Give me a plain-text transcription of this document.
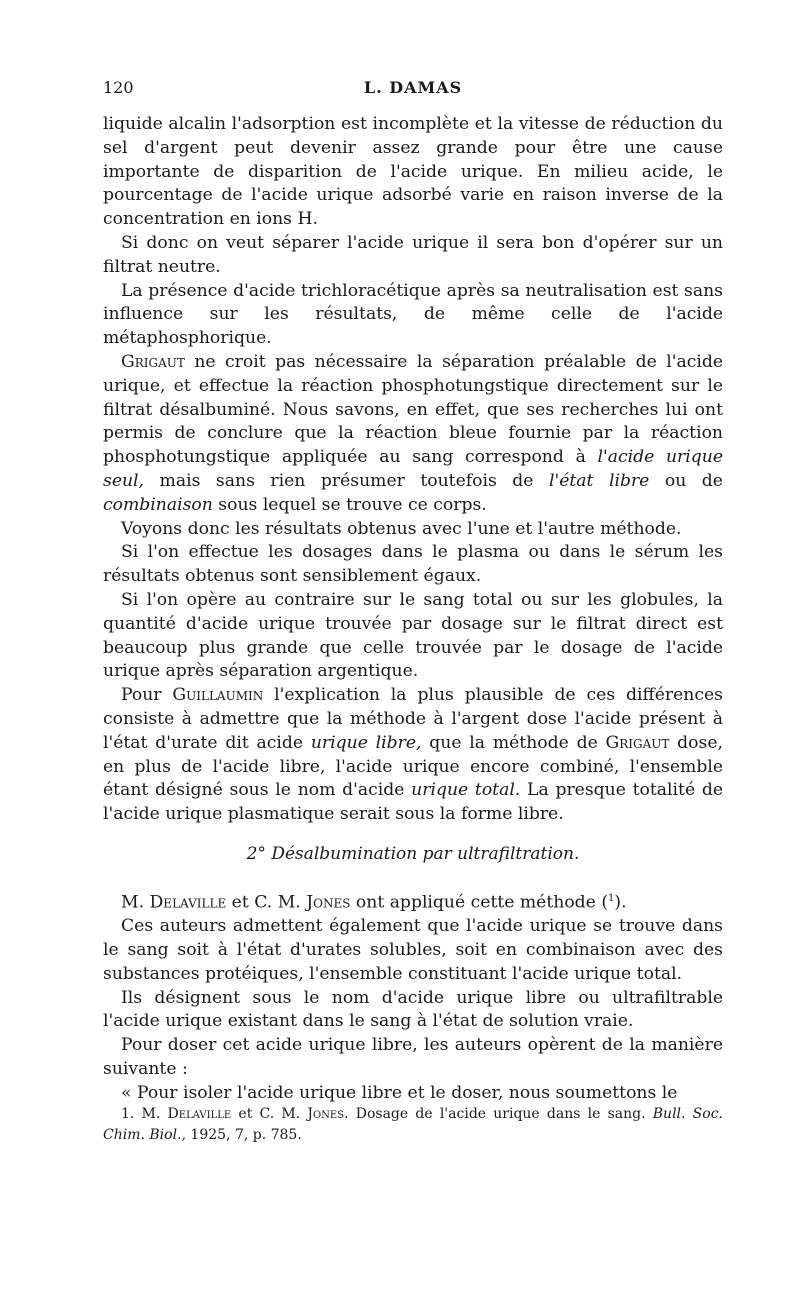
120	L. DAMAS

liquide alcalin l'adsorption est incomplète et la vitesse de réduction du sel d'argent peut devenir assez grande pour être une cause importante de disparition de l'acide urique. En milieu acide, le pourcentage de l'acide urique adsorbé varie en raison inverse de la concentration en ions H.

Si donc on veut séparer l'acide urique il sera bon d'opérer sur un filtrat neutre.

La présence d'acide trichloracétique après sa neutralisation est sans influence sur les résultats, de même celle de l'acide métaphosphorique.

Grigaut ne croit pas nécessaire la séparation préalable de l'acide urique, et effectue la réaction phosphotungstique directement sur le filtrat désalbuminé. Nous savons, en effet, que ses recherches lui ont permis de conclure que la réaction bleue fournie par la réaction phosphotungstique appliquée au sang correspond à l'acide urique seul, mais sans rien présumer toutefois de l'état libre ou de combinaison sous lequel se trouve ce corps.

Voyons donc les résultats obtenus avec l'une et l'autre méthode.

Si l'on effectue les dosages dans le plasma ou dans le sérum les résultats obtenus sont sensiblement égaux.

Si l'on opère au contraire sur le sang total ou sur les globules, la quantité d'acide urique trouvée par dosage sur le filtrat direct est beaucoup plus grande que celle trouvée par le dosage de l'acide urique après séparation argentique.

Pour Guillaumin l'explication la plus plausible de ces différences consiste à admettre que la méthode à l'argent dose l'acide présent à l'état d'urate dit acide urique libre, que la méthode de Grigaut dose, en plus de l'acide libre, l'acide urique encore combiné, l'ensemble étant désigné sous le nom d'acide urique total. La presque totalité de l'acide urique plasmatique serait sous la forme libre.

2° Désalbumination par ultrafiltration.

M. Delaville et C. M. Jones ont appliqué cette méthode ($^1$).

Ces auteurs admettent également que l'acide urique se trouve dans le sang soit à l'état d'urates solubles, soit en combinaison avec des substances protéiques, l'ensemble constituant l'acide urique total.

Ils désignent sous le nom d'acide urique libre ou ultrafiltrable l'acide urique existant dans le sang à l'état de solution vraie.

Pour doser cet acide urique libre, les auteurs opèrent de la manière suivante :

« Pour isoler l'acide urique libre et le doser, nous soumettons le

1. M. Delaville et C. M. Jones. Dosage de l'acide urique dans le sang. Bull. Soc. Chim. Biol., 1925, 7, p. 785.
